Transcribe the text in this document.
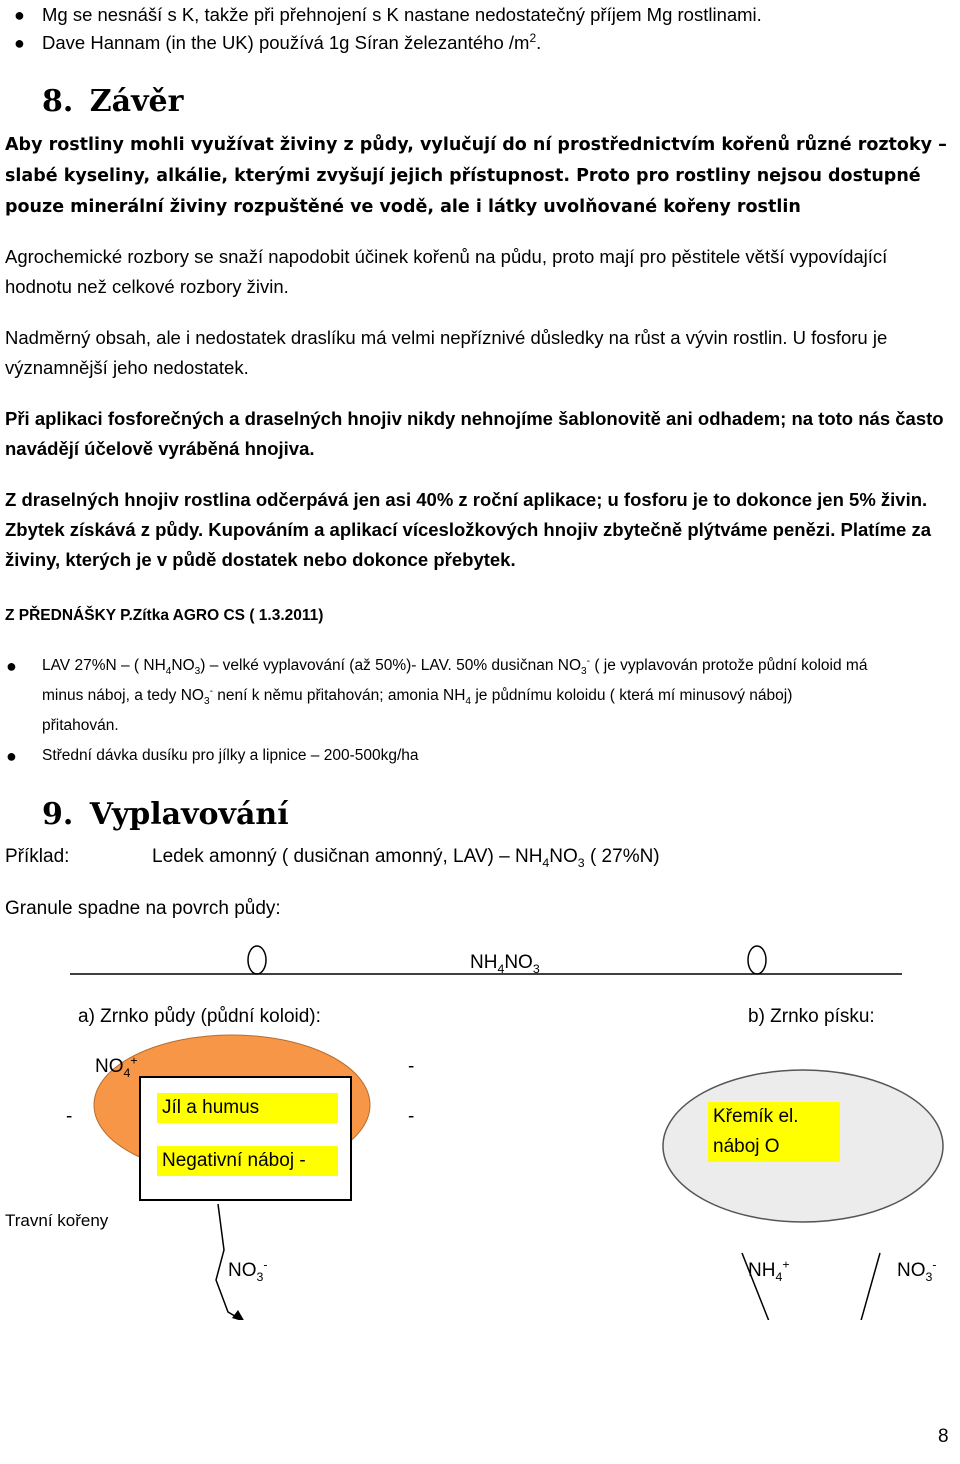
● Mg se nesnáší s K, takže při přehnojení s K nastane nedostatečný příjem Mg rostlinami.
● Dave Hannam (in the UK) používá 1g Síran železantého $/m^2$.
8. Závěr
Aby rostliny mohli využívat živiny z půdy, vylučují do ní prostřednictvím kořenů různé roztoky – slabé kyseliny, alkálie, kterými zvyšují jejich přístupnost. Proto pro rostliny nejsou dostupné pouze minerální živiny rozpuštěné ve vodě, ale i látky uvolňované kořeny rostlin
Agrochemické rozbory se snaží napodobit účinek kořenů na půdu, proto mají pro pěstitele větší vypovídající hodnotu než celkové rozbory živin.
Nadměrný obsah, ale i nedostatek draslíku má velmi nepříznivé důsledky na růst a vývin rostlin. U fosforu je významnější jeho nedostatek.
Při aplikaci fosforečných a draselných hnojiv nikdy nehnojíme šablonovitě ani odhadem; na toto nás často navádějí účelově vyráběná hnojiva.
Z draselných hnojiv rostlina odčerpává jen asi 40% z roční aplikace; u fosforu je to dokonce jen 5% živin. Zbytek získává z půdy. Kupováním a aplikací vícesložkových hnojiv zbytečně plýtváme penězi. Platíme za živiny, kterých je v půdě dostatek nebo dokonce přebytek.
Z PŘEDNÁŠKY P.Zítka AGRO CS ( 1.3.2011)
● LAV 27%N – ( $NH_4NO_3$) – velké vyplavování (až 50%)- LAV. 50% dusičnan $NO_3^-$ ( je vyplavován protože půdní koloid má
minus náboj, a tedy $NO_3^-$ není k němu přitahován; amonia $NH_4$ je půdnímu koloidu ( která mí minusový náboj)
přitahován.
● Střední dávka dusíku pro jílky a lipnice – 200-500kg/ha
9. Vyplavování
Příklad:	Ledek amonný ( dusičnan amonný, $LAV) - NH_4NO_3$ ( 27%N)
Granule spadne na povrch půdy:
$NH_4NO_3$
a) Zrnko půdy (půdní koloid):	b) Zrnko písku:
$NO_4^+$	-
-	-
Jíl a humus
Negativní náboj -
Křemík el.
náboj O
Travní kořeny
$NO_3^-$	$NH_4^+$	$NO_3^-$
8
